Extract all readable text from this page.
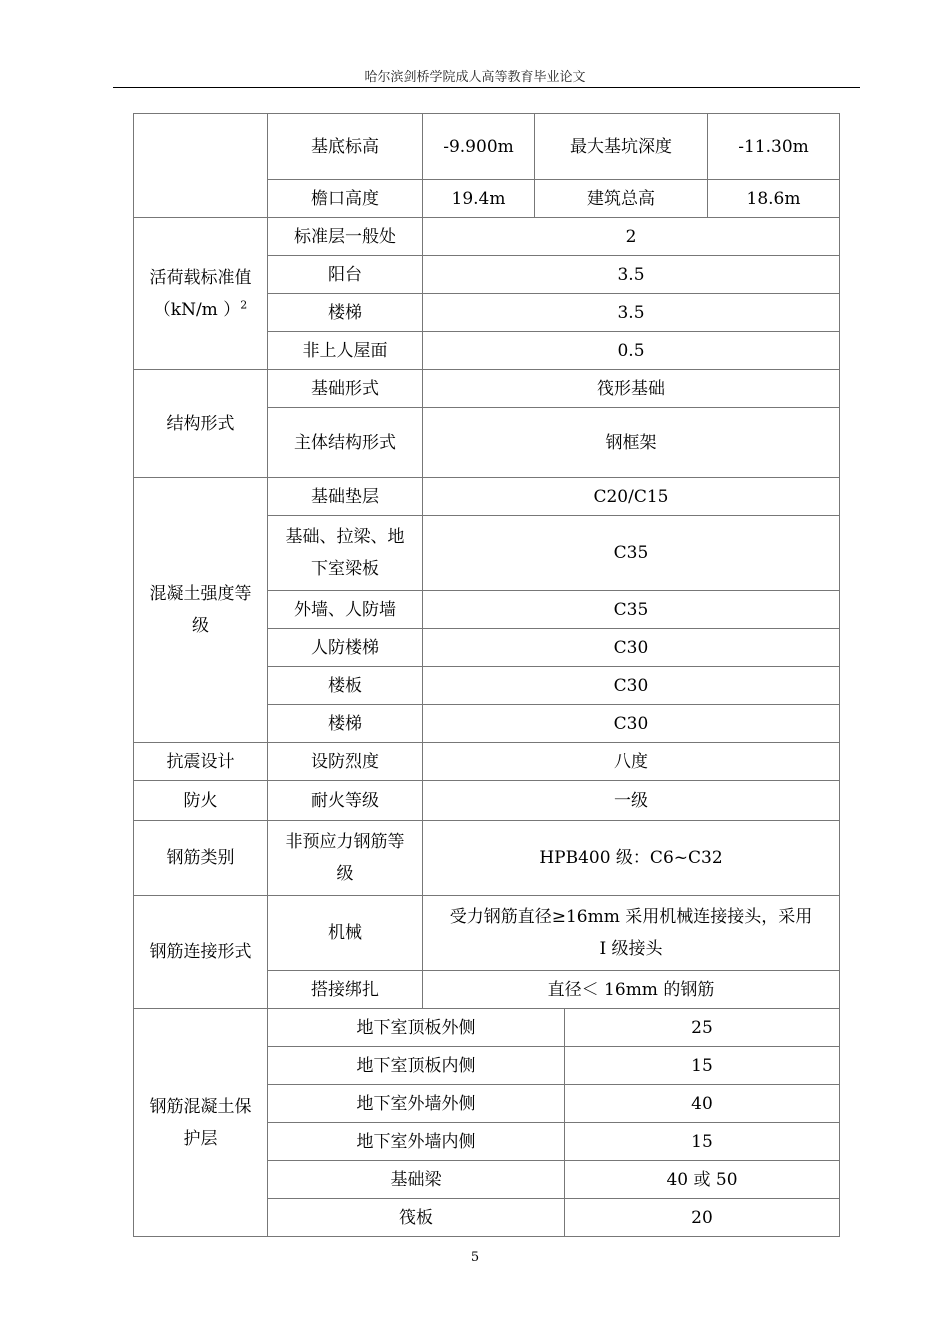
哈尔滨剑桥学院成人高等教育毕业论文
	基底标高	-9.900m	最大基坑深度		-11.30m
	檐口高度	19.4m	建筑总高		18.6m

活荷载标准值
（kN/m ）$^2$	标准层一般处	2			
	阳台	3.5			
	楼梯	3.5			
	非上人屋面	0.5			
结构形式	基础形式	筏形基础			
	主体结构形式	钢框架			

混凝土强度等
级	基础垫层	C20/C15			

	基础、拉梁、地
下室梁板	C35			
	外墙、人防墙	C35			
	人防楼梯	C30			
	楼板	C30			
	楼梯	C30			
抗震设计	设防烈度	八度			
防火	耐火等级	一级			
钢筋类别	非预应力钢筋等
级	HPB400 级：C6~C32			
钢筋连接形式	机械	受力钢筋直径≥16mm 采用机械连接接头，采用
I 级接头			

	搭接绑扎	直径＜ 16mm 的钢筋			

钢筋混凝土保
护层	地下室顶板外侧			25	
	地下室顶板内侧			15	
	地下室外墙外侧			40	
	地下室外墙内侧			15	
	基础梁			40 或 50	
	筏板			20	
5
